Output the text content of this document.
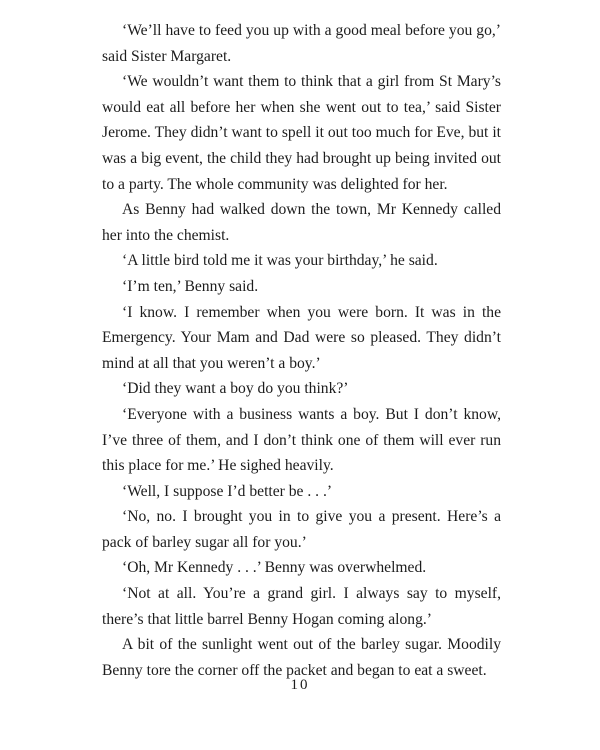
‘We’ll have to feed you up with a good meal before you go,’ said Sister Margaret.

‘We wouldn’t want them to think that a girl from St Mary’s would eat all before her when she went out to tea,’ said Sister Jerome. They didn’t want to spell it out too much for Eve, but it was a big event, the child they had brought up being invited out to a party. The whole community was delighted for her.

As Benny had walked down the town, Mr Kennedy called her into the chemist.

‘A little bird told me it was your birthday,’ he said.

‘I’m ten,’ Benny said.

‘I know. I remember when you were born. It was in the Emergency. Your Mam and Dad were so pleased. They didn’t mind at all that you weren’t a boy.’

‘Did they want a boy do you think?’

‘Everyone with a business wants a boy. But I don’t know, I’ve three of them, and I don’t think one of them will ever run this place for me.’ He sighed heavily.

‘Well, I suppose I’d better be . . .’

‘No, no. I brought you in to give you a present. Here’s a pack of barley sugar all for you.’

‘Oh, Mr Kennedy . . .’ Benny was overwhelmed.

‘Not at all. You’re a grand girl. I always say to myself, there’s that little barrel Benny Hogan coming along.’

A bit of the sunlight went out of the barley sugar. Moodily Benny tore the corner off the packet and began to eat a sweet.

10
